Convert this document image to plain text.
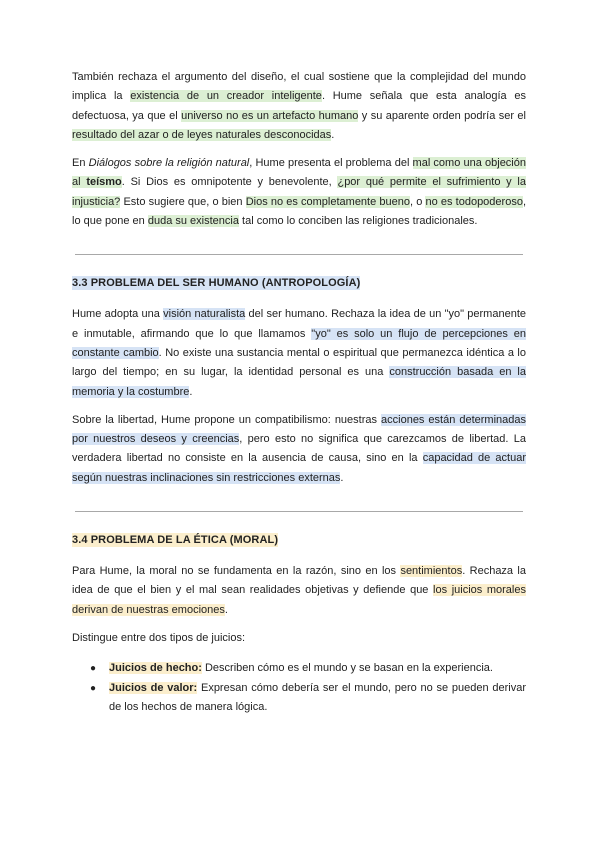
También rechaza el argumento del diseño, el cual sostiene que la complejidad del mundo implica la existencia de un creador inteligente. Hume señala que esta analogía es defectuosa, ya que el universo no es un artefacto humano y su aparente orden podría ser el resultado del azar o de leyes naturales desconocidas.

En Diálogos sobre la religión natural, Hume presenta el problema del mal como una objeción al teísmo. Si Dios es omnipotente y benevolente, ¿por qué permite el sufrimiento y la injusticia? Esto sugiere que, o bien Dios no es completamente bueno, o no es todopoderoso, lo que pone en duda su existencia tal como lo conciben las religiones tradicionales.

3.3 PROBLEMA DEL SER HUMANO (ANTROPOLOGÍA)

Hume adopta una visión naturalista del ser humano. Rechaza la idea de un "yo" permanente e inmutable, afirmando que lo que llamamos "yo" es solo un flujo de percepciones en constante cambio. No existe una sustancia mental o espiritual que permanezca idéntica a lo largo del tiempo; en su lugar, la identidad personal es una construcción basada en la memoria y la costumbre.

Sobre la libertad, Hume propone un compatibilismo: nuestras acciones están determinadas por nuestros deseos y creencias, pero esto no significa que carezcamos de libertad. La verdadera libertad no consiste en la ausencia de causa, sino en la capacidad de actuar según nuestras inclinaciones sin restricciones externas.

3.4 PROBLEMA DE LA ÉTICA (MORAL)

Para Hume, la moral no se fundamenta en la razón, sino en los sentimientos. Rechaza la idea de que el bien y el mal sean realidades objetivas y defiende que los juicios morales derivan de nuestras emociones.

Distingue entre dos tipos de juicios:

● Juicios de hecho: Describen cómo es el mundo y se basan en la experiencia.
● Juicios de valor: Expresan cómo debería ser el mundo, pero no se pueden derivar de los hechos de manera lógica.
